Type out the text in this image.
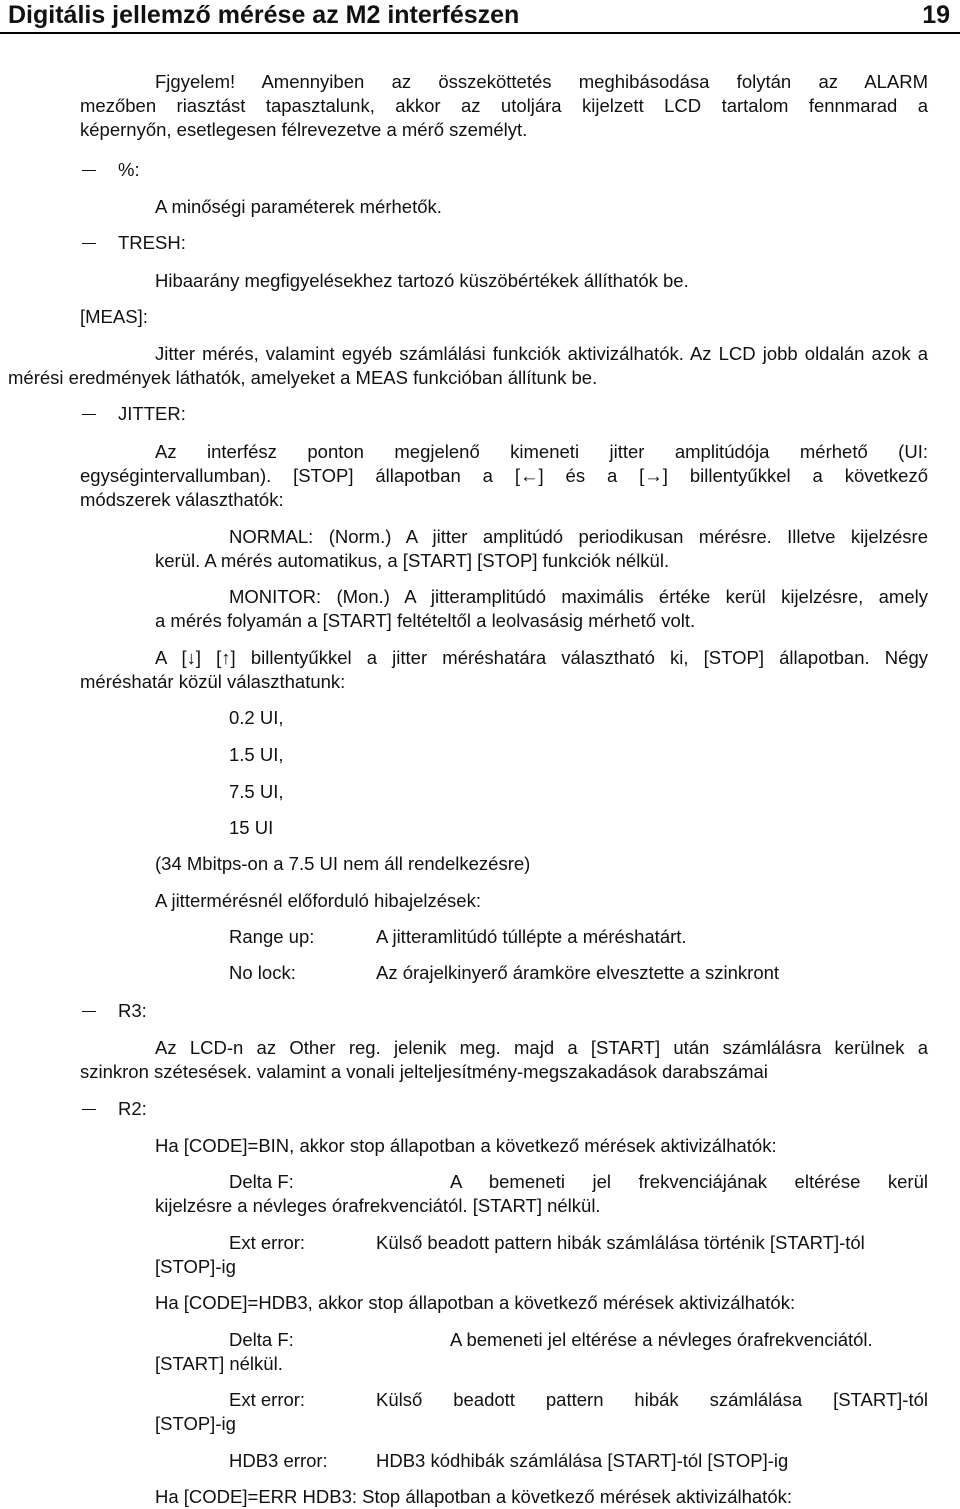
Digitális jellemző mérése az M2 interfészen	19
Fjgyelem! Amennyiben az összeköttetés meghibásodása folytán az ALARM
mezőben riasztást tapasztalunk, akkor az utoljára kijelzett LCD tartalom fennmarad a
képernyőn, esetlegesen félrevezetve a mérő személyt.
%:
A minőségi paraméterek mérhetők.
TRESH:
Hibaarány megfigyelésekhez tartozó küszöbértékek állíthatók be.
[MEAS]:
Jitter mérés, valamint egyéb számlálási funkciók aktivizálhatók. Az LCD jobb oldalán azok a
mérési eredmények láthatók, amelyeket a MEAS funkcióban állítunk be.
JITTER:
Az interfész ponton megjelenő kimeneti jitter amplitúdója mérhető (UI:
egységintervallumban). [STOP] állapotban a [←] és a [→] billentyűkkel a következő
módszerek választhatók:
NORMAL: (Norm.) A jitter amplitúdó periodikusan mérésre. Illetve kijelzésre
kerül. A mérés automatikus, a [START] [STOP] funkciók nélkül.
MONITOR: (Mon.) A jitteramplitúdó maximális értéke kerül kijelzésre, amely
a mérés folyamán a [START] feltételtől a leolvasásig mérhető volt.
A [↓] [↑] billentyűkkel a jitter méréshatára választható ki, [STOP] állapotban. Négy
méréshatár közül választhatunk:
0.2 UI,
1.5 UI,
7.5 UI,
15 UI
(34 Mbitps-on a 7.5 UI nem áll rendelkezésre)
A jittermérésnél előforduló hibajelzések:
Range up:	A jitteramlitúdó túllépte a méréshatárt.
No lock:	Az órajelkinyerő áramköre elvesztette a szinkront
R3:
Az LCD-n az Other reg. jelenik meg. majd a [START] után számlálásra kerülnek a
szinkron szétesések. valamint a vonali jelteljesítmény-megszakadások darabszámai
R2:
Ha [CODE]=BIN, akkor stop állapotban a következő mérések aktivizálhatók:
Delta F:	A bemeneti jel frekvenciájának eltérése kerül
kijelzésre a névleges órafrekvenciától. [START] nélkül.
Ext error:	Külső beadott pattern hibák számlálása történik [START]-tól
[STOP]-ig
Ha [CODE]=HDB3, akkor stop állapotban a következő mérések aktivizálhatók:
Delta F:	A bemeneti jel eltérése a névleges órafrekvenciától.
[START] nélkül.
Ext error:	Külső beadott pattern hibák számlálása [START]-tól
[STOP]-ig
HDB3 error:	HDB3 kódhibák számlálása [START]-tól [STOP]-ig
Ha [CODE]=ERR HDB3: Stop állapotban a következő mérések aktivizálhatók:
